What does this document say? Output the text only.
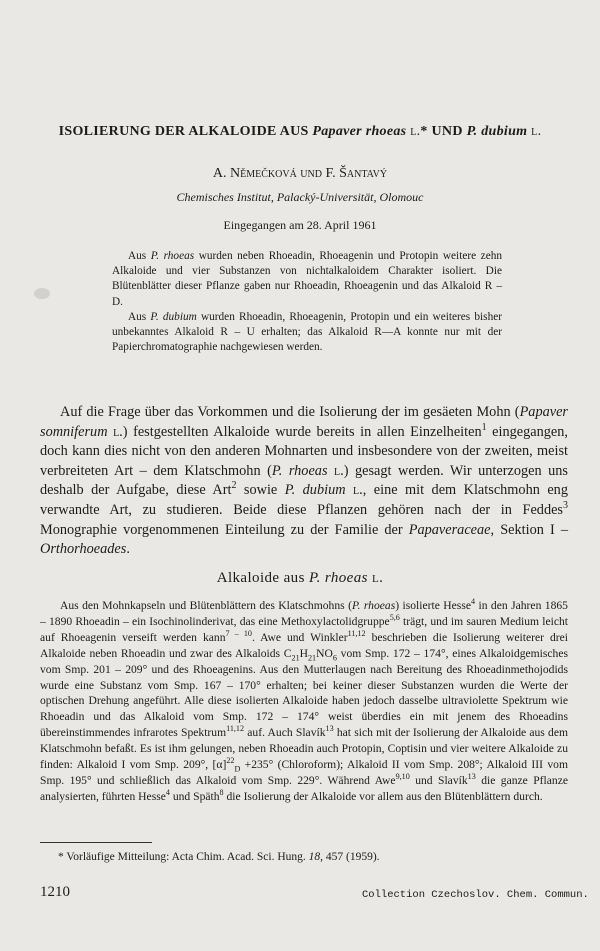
ISOLIERUNG DER ALKALOIDE AUS Papaver rhoeas l.* UND P. dubium l.
A. Němečková und F. Šantavý
Chemisches Institut, Palacký-Universität, Olomouc
Eingegangen am 28. April 1961

Aus P. rhoeas wurden neben Rhoeadin, Rhoeagenin und Protopin weitere zehn Alkaloide und vier Substanzen von nichtalkaloidem Charakter isoliert. Die Blütenblätter dieser Pflanze gaben nur Rhoeadin, Rhoeagenin und das Alkaloid R – D.

Aus P. dubium wurden Rhoeadin, Rhoeagenin, Protopin und ein weiteres bisher unbekanntes Alkaloid R – U erhalten; das Alkaloid R—A konnte nur mit der Papierchromatographie nachgewiesen werden.

Auf die Frage über das Vorkommen und die Isolierung der im gesäeten Mohn (Papaver somniferum l.) festgestellten Alkaloide wurde bereits in allen Einzelheiten$^1$ eingegangen, doch kann dies nicht von den anderen Mohnarten und insbesondere von der zweiten, meist verbreiteten Art – dem Klatschmohn (P. rhoeas l.) gesagt werden. Wir unterzogen uns deshalb der Aufgabe, diese Art$^2$ sowie P. dubium l., eine mit dem Klatschmohn eng verwandte Art, zu studieren. Beide diese Pflanzen gehören nach der in Feddes$^3$ Monographie vorgenommenen Einteilung zu der Familie der Papaveraceae, Sektion I – Orthorhoeades.

Alkaloide aus P. rhoeas l.

Aus den Mohnkapseln und Blütenblättern des Klatschmohns (P. rhoeas) isolierte Hesse$^4$ in den Jahren 1865 – 1890 Rhoeadin – ein Isochinolinderivat, das eine Methoxylactolidgruppe$^{5,6}$ trägt, und im sauren Medium leicht auf Rhoeagenin verseift werden kann$^{7 - 10}$. Awe und Winkler$^{11,12}$ beschrieben die Isolierung weiterer drei Alkaloide neben Rhoeadin und zwar des Alkaloids $C_{21}H_{21}NO_6$ vom Smp. 172 – 174°, eines Alkaloidgemisches vom Smp. 201 – 209° und des Rhoeagenins. Aus den Mutterlaugen nach Bereitung des Rhoeadinmethojodids wurde eine Substanz vom Smp. 167 – 170° erhalten; bei keiner dieser Substanzen wurden die Werte der optischen Drehung angeführt. Alle diese isolierten Alkaloide haben jedoch dasselbe ultraviolette Spektrum wie Rhoeadin und das Alkaloid vom Smp. 172 – 174° weist überdies ein mit jenem des Rhoeadins übereinstimmendes infrarotes Spektrum$^{11,12}$ auf. Auch Slavík$^{13}$ hat sich mit der Isolierung der Alkaloide aus dem Klatschmohn befaßt. Es ist ihm gelungen, neben Rhoeadin auch Protopin, Coptisin und vier weitere Alkaloide zu finden: Alkaloid I vom Smp. 209°, $[\alpha]^{22}_D +235^\circ$ (Chloroform); Alkaloid II vom Smp. 208°; Alkaloid III vom Smp. 195° und schließlich das Alkaloid vom Smp. 229°. Während Awe$^{9,10}$ und Slavík$^{13}$ die ganze Pflanze analysierten, führten Hesse$^4$ und Späth$^8$ die Isolierung der Alkaloide vor allem aus den Blütenblättern durch.

* Vorläufige Mitteilung: Acta Chim. Acad. Sci. Hung. 18, 457 (1959).
1210	Collection Czechoslov. Chem. Commun.
